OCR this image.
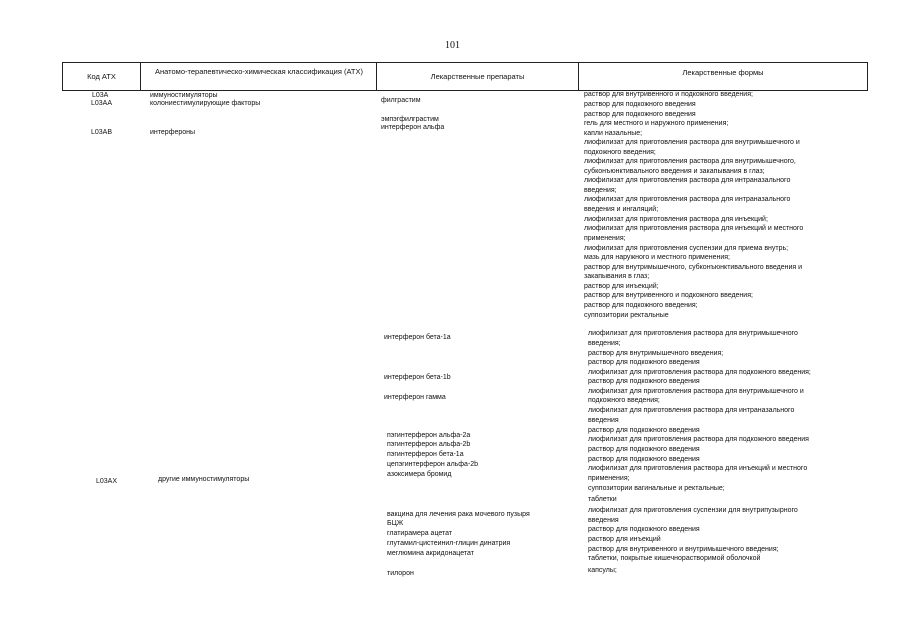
101
Код АТХ
Анатомо-терапевтическо-химическая классификация (АТХ)
Лекарственные препараты	Лекарственные формы
L03A
L03AA
L03AB
L03AX
иммуностимуляторы
колониестимулирующие факторы
интерфероны
другие иммуностимуляторы
филграстим
эмпэгфилграстим
интерферон альфа
интерферон бета-1a
интерферон бета-1b
интерферон гамма
пэгинтерферон альфа-2a
пэгинтерферон альфа-2b
пэгинтерферон бета-1a
цепэгинтерферон альфа-2b
азоксимера бромид
вакцина для лечения рака мочевого пузыря
БЦЖ
глатирамера ацетат
глутамил-цистеинил-глицин динатрия
меглюмина акридонацетат
тилорон
раствор для внутривенного и подкожного введения;
раствор для подкожного введения
раствор для подкожного введения
гель для местного и наружного применения;
капли назальные;
лиофилизат для приготовления раствора для внутримышечного и
подкожного введения;
лиофилизат для приготовления раствора для внутримышечного,
субконъюнктивального введения и закапывания в глаз;
лиофилизат для приготовления раствора для интраназального
введения;
лиофилизат для приготовления раствора для интраназального
введения и ингаляций;
лиофилизат для приготовления раствора для инъекций;
лиофилизат для приготовления раствора для инъекций и местного
применения;
лиофилизат для приготовления суспензии для приема внутрь;
мазь для наружного и местного применения;
раствор для внутримышечного, субконъюнктивального введения и
закапывания в глаз;
раствор для инъекций;
раствор для внутривенного и подкожного введения;
раствор для подкожного введения;
суппозитории ректальные
лиофилизат для приготовления раствора для внутримышечного
введения;
раствор для внутримышечного введения;
раствор для подкожного введения
лиофилизат для приготовления раствора для подкожного введения;
раствор для подкожного введения
лиофилизат для приготовления раствора для внутримышечного и
подкожного введения;
лиофилизат для приготовления раствора для интраназального
введения
раствор для подкожного введения
лиофилизат для приготовления раствора для подкожного введения
раствор для подкожного введения
раствор для подкожного введения
лиофилизат для приготовления раствора для инъекций и местного
применения;
суппозитории вагинальные и ректальные;
таблетки
лиофилизат для приготовления суспензии для внутрипузырного
введения
раствор для подкожного введения
раствор для инъекций
раствор для внутривенного и внутримышечного введения;
таблетки, покрытые кишечнорастворимой оболочкой
капсулы;
